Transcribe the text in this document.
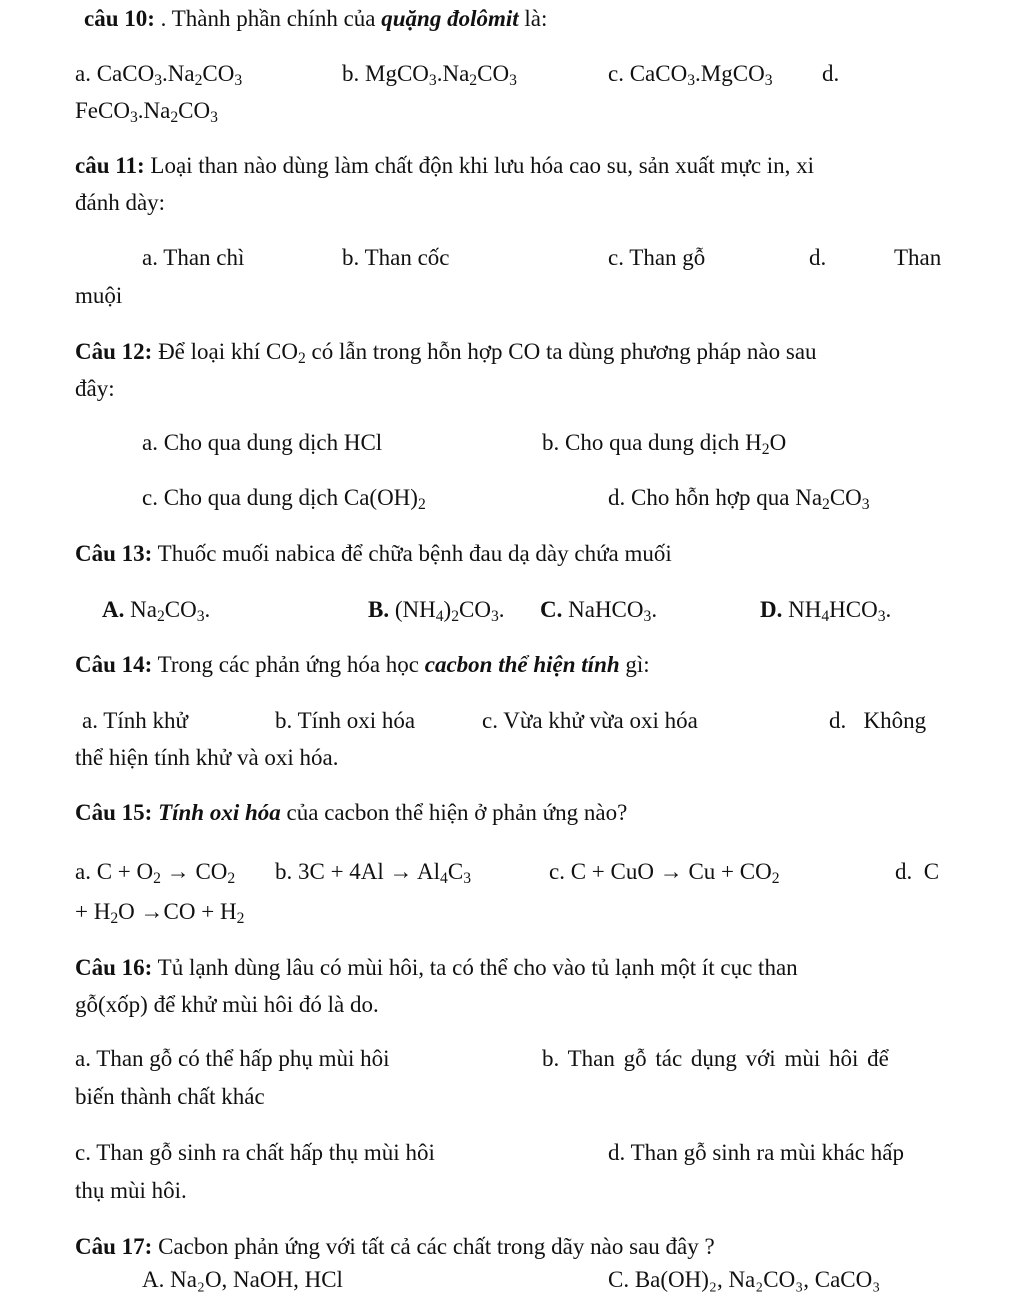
câu 10: . Thành phần chính của quặng đolômit là:
a. $CaCO_3.Na_2CO_3$	b. $MgCO_3.Na_2CO_3$	c. CaCO$_3$.MgCO$_3$ d.
$FeCO_3.Na_2CO_3$
câu 11: Loại than nào dùng làm chất độn khi lưu hóa cao su, sản xuất mực in, xi
đánh dày:
a. Than chì	b. Than cốc	c. Than gỗ	d.	Than
muội
Câu 12: Để loại khí $CO_2$ có lẫn trong hỗn hợp CO ta dùng phương pháp nào sau
đây:
a. Cho qua dung dịch HCl	b. Cho qua dung dịch $H_2O$
c. Cho qua dung dịch $Ca(OH)_2$	d. Cho hỗn hợp qua $Na_2CO_3$
Câu 13: Thuốc muối nabica để chữa bệnh đau dạ dày chứa muối
A. $Na_2CO_3$.	B. $(NH_4)_2CO_3$. C. NaHCO$_3$.	D. $NH_4HCO_3$.
Câu 14: Trong các phản ứng hóa học cacbon thể hiện tính gì:
a. Tính khử	b. Tính oxi hóa	c. Vừa khử vừa oxi hóa	d.   Không
thể hiện tính khử và oxi hóa.
Câu 15: Tính oxi hóa của cacbon thể hiện ở phản ứng nào?
a. $C + O_2 \to CO_2$ b. $3C + 4Al \to Al_4C_3$	c. C + CuO → $Cu + CO_2$	d.  C
+ $H_2O \to CO + H_2$
Câu 16: Tủ lạnh dùng lâu có mùi hôi, ta có thể cho vào tủ lạnh một ít cục than
gỗ(xốp) để khử mùi hôi đó là do.
a. Than gỗ có thể hấp phụ mùi hôi	b. Than gỗ tác dụng với mùi hôi để
biến thành chất khác
c. Than gỗ sinh ra chất hấp thụ mùi hôi	d. Than gỗ sinh ra mùi khác hấp
thụ mùi hôi.
Câu 17: Cacbon phản ứng với tất cả các chất trong dãy nào sau đây ?
A. Na₂O, NaOH, HCl	C. Ba(OH)₂, Na₂CO₃, CaCO₃
